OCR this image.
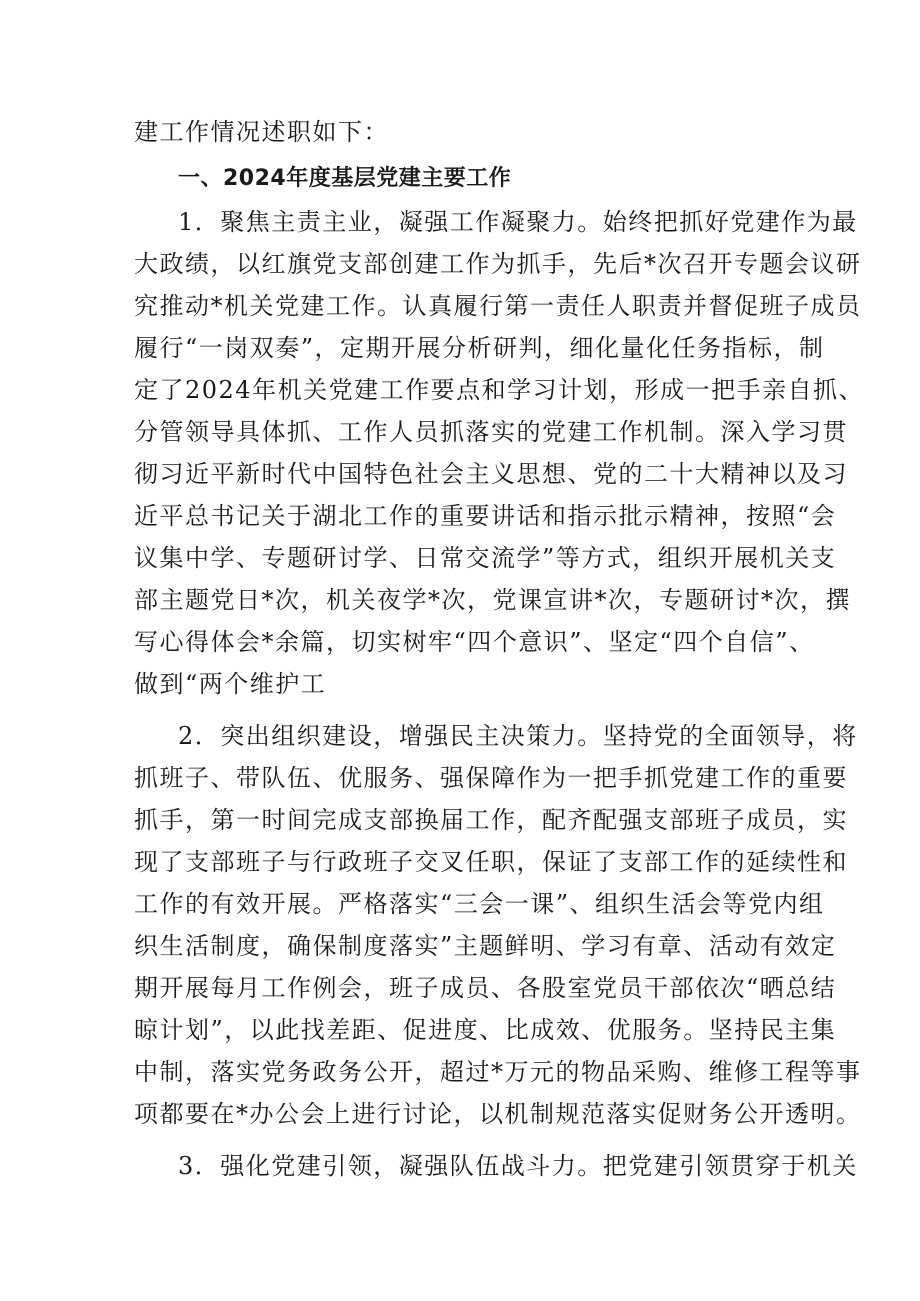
建工作情况述职如下：
一、2024年度基层党建主要工作
1．聚焦主责主业，凝强工作凝聚力。始终把抓好党建作为最
大政绩，以红旗党支部创建工作为抓手，先后*次召开专题会议研
究推动*机关党建工作。认真履行第一责任人职责并督促班子成员
履行“一岗双奏”，定期开展分析研判，细化量化任务指标，制
定了2024年机关党建工作要点和学习计划，形成一把手亲自抓、
分管领导具体抓、工作人员抓落实的党建工作机制。深入学习贯
彻习近平新时代中国特色社会主义思想、党的二十大精神以及习
近平总书记关于湖北工作的重要讲话和指示批示精神，按照“会
议集中学、专题研讨学、日常交流学”等方式，组织开展机关支
部主题党日*次，机关夜学*次，党课宣讲*次，专题研讨*次，撰
写心得体会*余篇，切实树牢“四个意识”、坚定“四个自信”、
做到“两个维护工
2．突出组织建设，增强民主决策力。坚持党的全面领导，将
抓班子、带队伍、优服务、强保障作为一把手抓党建工作的重要
抓手，第一时间完成支部换届工作，配齐配强支部班子成员，实
现了支部班子与行政班子交叉任职，保证了支部工作的延续性和
工作的有效开展。严格落实“三会一课”、组织生活会等党内组
织生活制度，确保制度落实”主题鲜明、学习有章、活动有效定
期开展每月工作例会，班子成员、各股室党员干部依次“晒总结
晾计划”，以此找差距、促进度、比成效、优服务。坚持民主集
中制，落实党务政务公开，超过*万元的物品采购、维修工程等事
项都要在*办公会上进行讨论，以机制规范落实促财务公开透明。
3．强化党建引领，凝强队伍战斗力。把党建引领贯穿于机关
